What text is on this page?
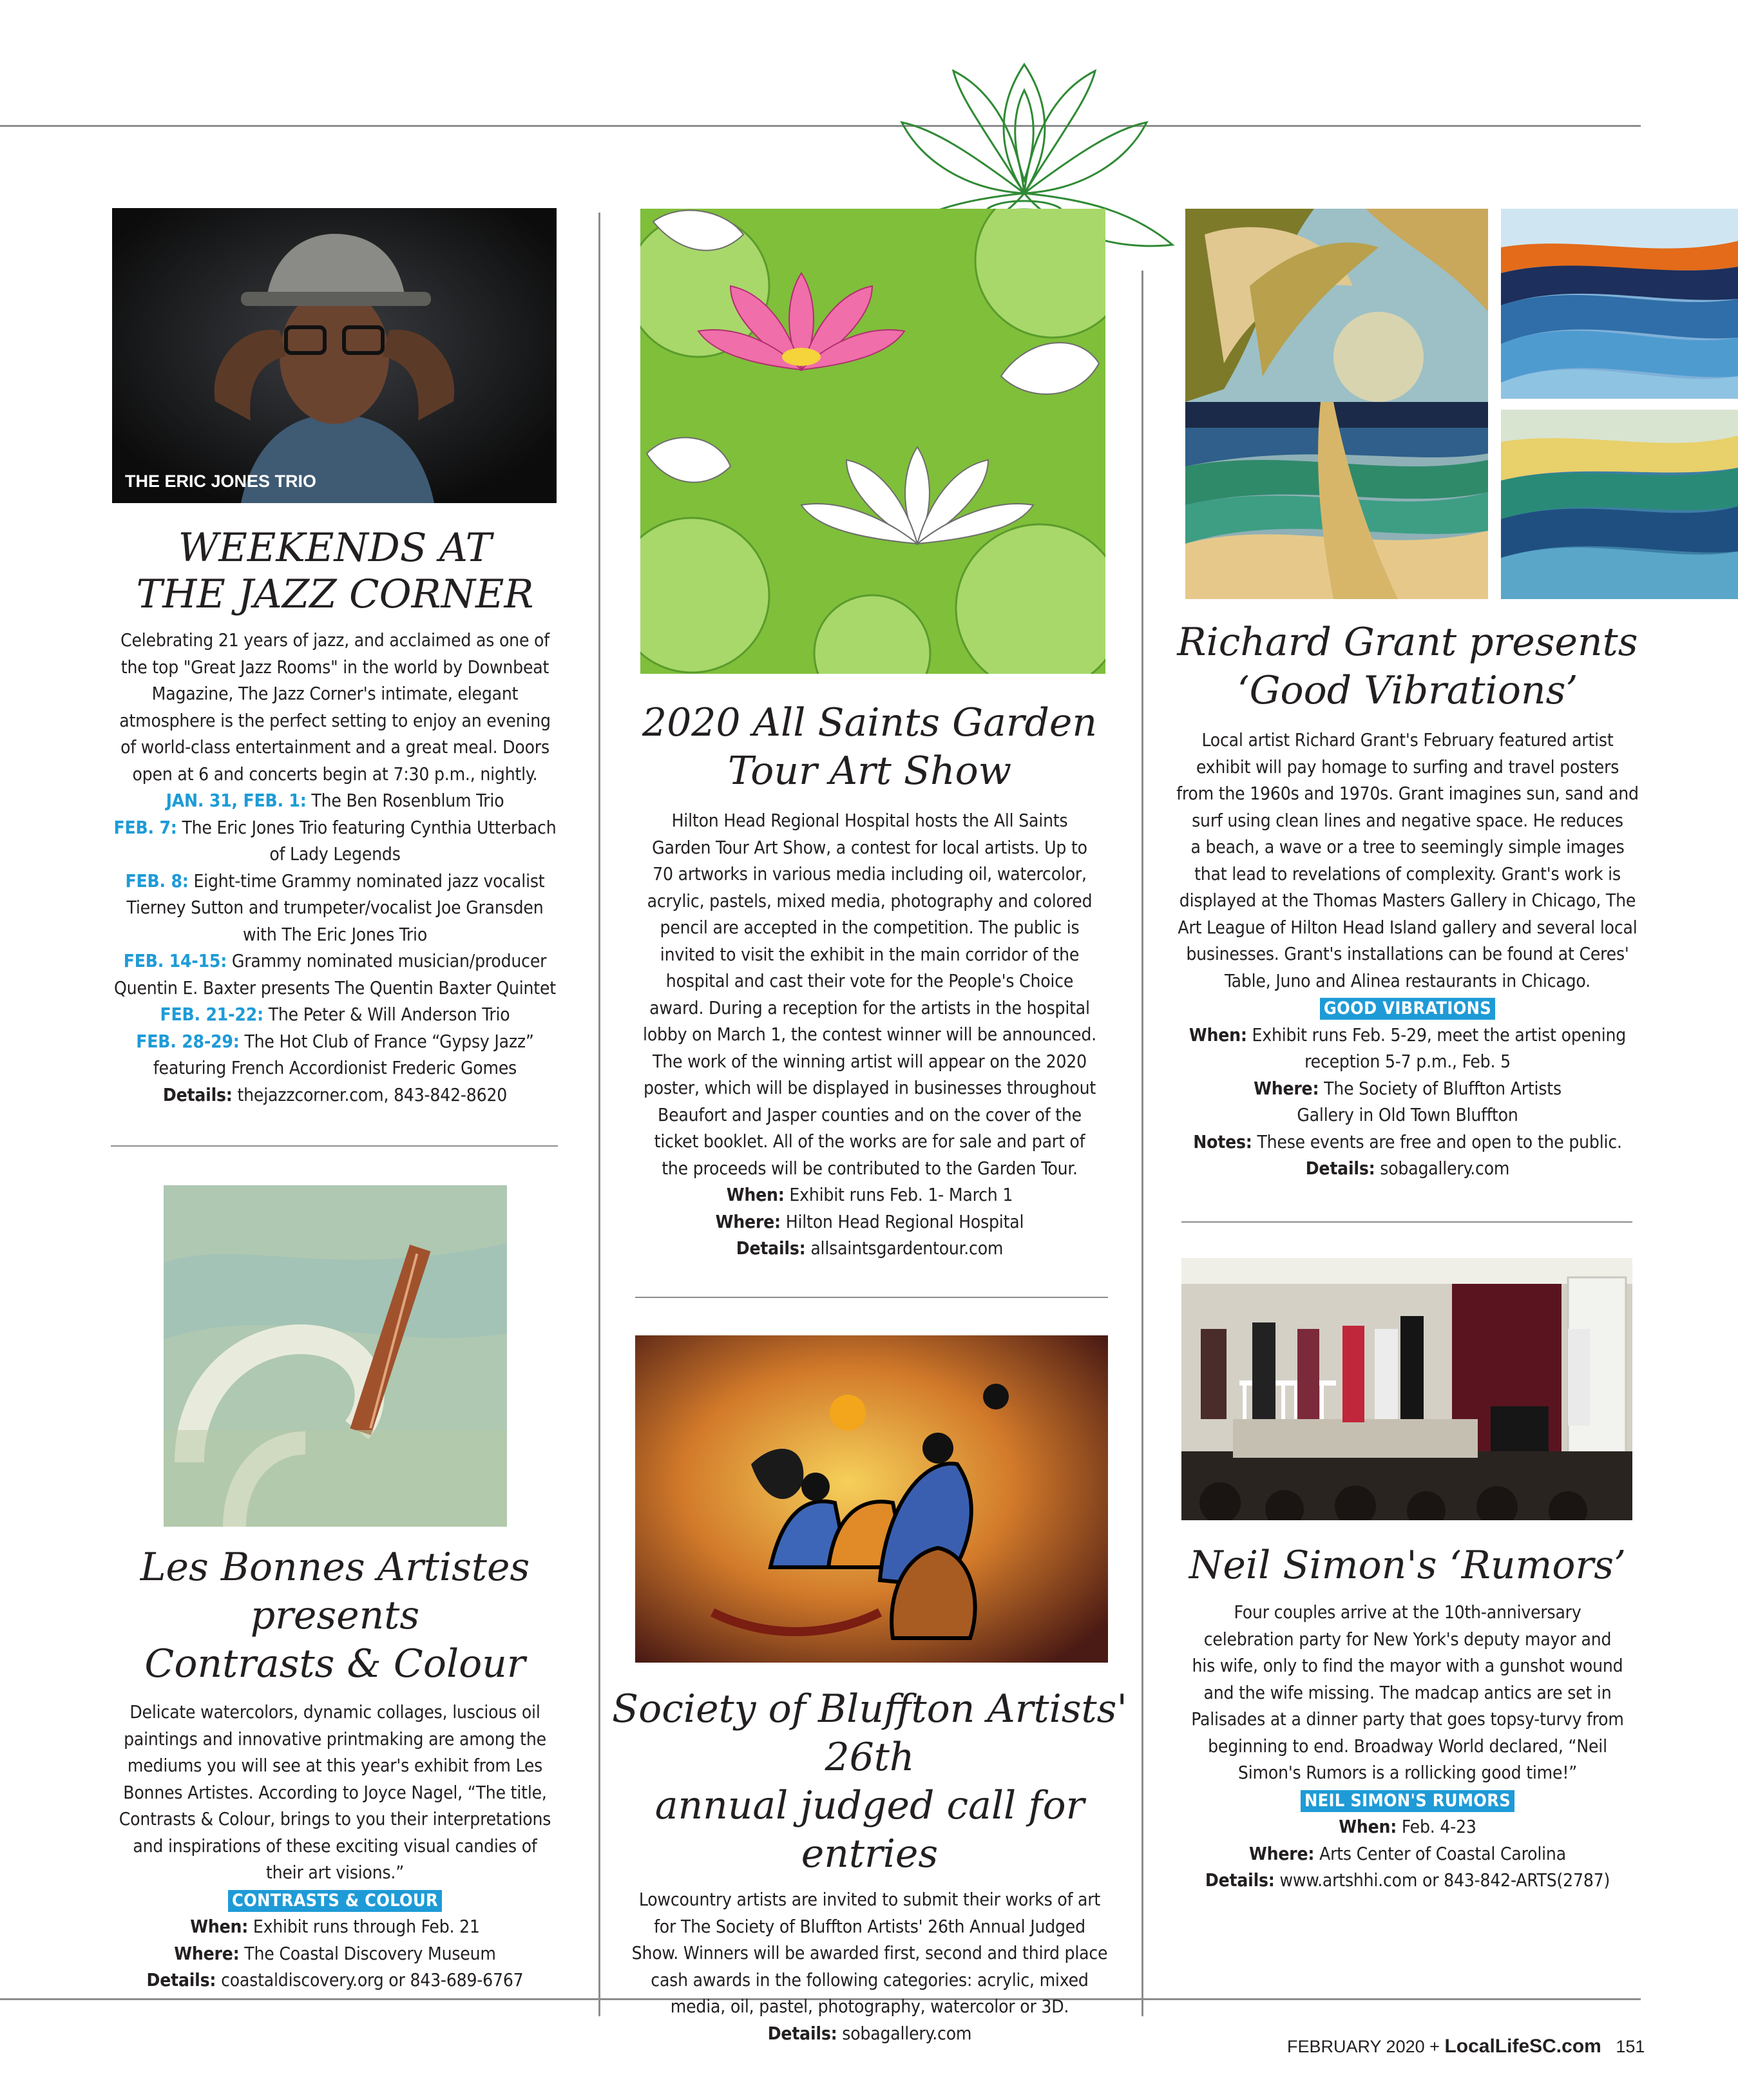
THE ERIC JONES TRIO
WEEKENDS AT
THE JAZZ CORNER

Celebrating 21 years of jazz, and acclaimed as one of
the top "Great Jazz Rooms" in the world by Downbeat
Magazine, The Jazz Corner's intimate, elegant
atmosphere is the perfect setting to enjoy an evening
of world-class entertainment and a great meal. Doors
open at 6 and concerts begin at 7:30 p.m., nightly.

JAN. 31, FEB. 1: The Ben Rosenblum Trio

FEB. 7: The Eric Jones Trio featuring Cynthia Utterbach
of Lady Legends

FEB. 8: Eight-time Grammy nominated jazz vocalist
Tierney Sutton and trumpeter/vocalist Joe Gransden
with The Eric Jones Trio

FEB. 14-15: Grammy nominated musician/producer
Quentin E. Baxter presents The Quentin Baxter Quintet

FEB. 21-22: The Peter & Will Anderson Trio

FEB. 28-29: The Hot Club of France “Gypsy Jazz”
featuring French Accordionist Frederic Gomes

Details: thejazzcorner.com, 843-842-8620

Les Bonnes Artistes presents
Contrasts & Colour

Delicate watercolors, dynamic collages, luscious oil
paintings and innovative printmaking are among the
mediums you will see at this year's exhibit from Les
Bonnes Artistes. According to Joyce Nagel, “The title,
Contrasts & Colour, brings to you their interpretations
and inspirations of these exciting visual candies of
their art visions.”

CONTRASTS & COLOUR

When: Exhibit runs through Feb. 21

Where: The Coastal Discovery Museum

Details: coastaldiscovery.org or 843-689-6767

2020 All Saints Garden
Tour Art Show

Hilton Head Regional Hospital hosts the All Saints
Garden Tour Art Show, a contest for local artists. Up to
70 artworks in various media including oil, watercolor,
acrylic, pastels, mixed media, photography and colored
pencil are accepted in the competition. The public is
invited to visit the exhibit in the main corridor of the
hospital and cast their vote for the People's Choice
award. During a reception for the artists in the hospital
lobby on March 1, the contest winner will be announced.
The work of the winning artist will appear on the 2020
poster, which will be displayed in businesses throughout
Beaufort and Jasper counties and on the cover of the
ticket booklet. All of the works are for sale and part of
the proceeds will be contributed to the Garden Tour.

When: Exhibit runs Feb. 1- March 1

Where: Hilton Head Regional Hospital

Details: allsaintsgardentour.com

Society of Bluffton Artists' 26th
annual judged call for entries

Lowcountry artists are invited to submit their works of art
for The Society of Bluffton Artists' 26th Annual Judged
Show. Winners will be awarded first, second and third place
cash awards in the following categories: acrylic, mixed
media, oil, pastel, photography, watercolor or 3D.

Details: sobagallery.com

Richard Grant presents
‘Good Vibrations’

Local artist Richard Grant's February featured artist
exhibit will pay homage to surfing and travel posters
from the 1960s and 1970s. Grant imagines sun, sand and
surf using clean lines and negative space. He reduces
a beach, a wave or a tree to seemingly simple images
that lead to revelations of complexity. Grant's work is
displayed at the Thomas Masters Gallery in Chicago, The
Art League of Hilton Head Island gallery and several local
businesses. Grant's installations can be found at Ceres'
Table, Juno and Alinea restaurants in Chicago.

GOOD VIBRATIONS

When: Exhibit runs Feb. 5-29, meet the artist opening

reception 5-7 p.m., Feb. 5

Where: The Society of Bluffton Artists

Gallery in Old Town Bluffton

Notes: These events are free and open to the public.

Details: sobagallery.com

Neil Simon's ‘Rumors’

Four couples arrive at the 10th-anniversary
celebration party for New York's deputy mayor and
his wife, only to find the mayor with a gunshot wound
and the wife missing. The madcap antics are set in
Palisades at a dinner party that goes topsy-turvy from
beginning to end. Broadway World declared, “Neil
Simon's Rumors is a rollicking good time!”

NEIL SIMON'S RUMORS

When: Feb. 4-23

Where: Arts Center of Coastal Carolina

Details: www.artshhi.com or 843-842-ARTS(2787)

FEBRUARY 2020 + LocalLifeSC.com 151
